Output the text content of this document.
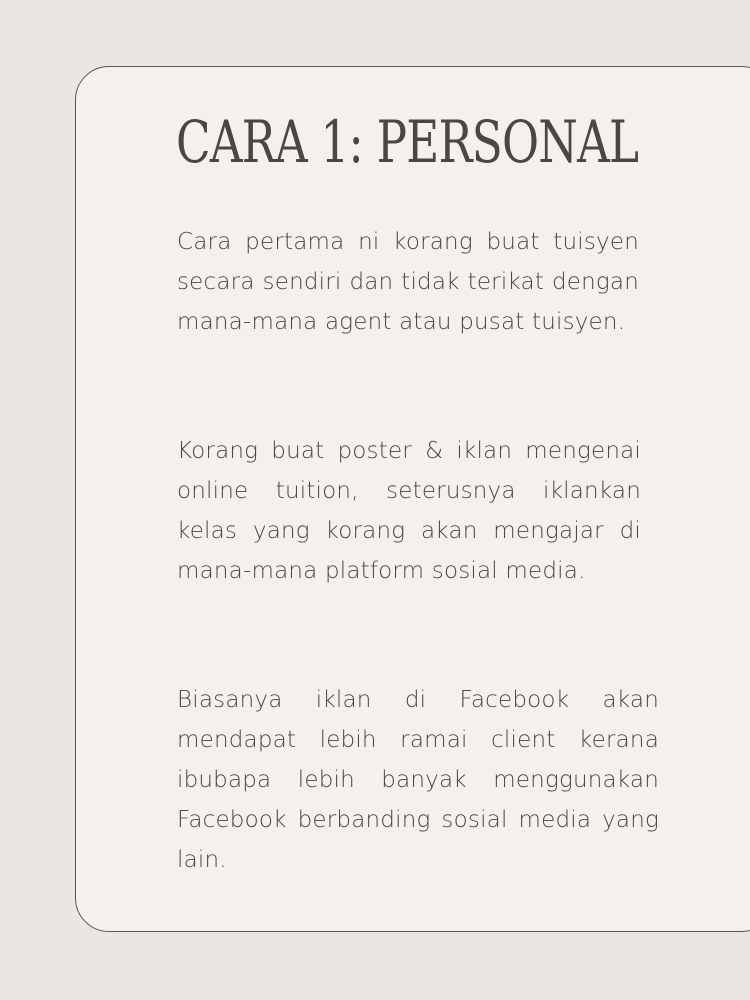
CARA 1: PERSONAL

Cara pertama ni korang buat tuisyen secara sendiri dan tidak terikat dengan mana-mana agent atau pusat tuisyen.

Korang buat poster & iklan mengenai online tuition, seterusnya iklankan kelas yang korang akan mengajar di mana-mana platform sosial media.

Biasanya iklan di Facebook akan mendapat lebih ramai client kerana ibubapa lebih banyak menggunakan Facebook berbanding sosial media yang lain.
